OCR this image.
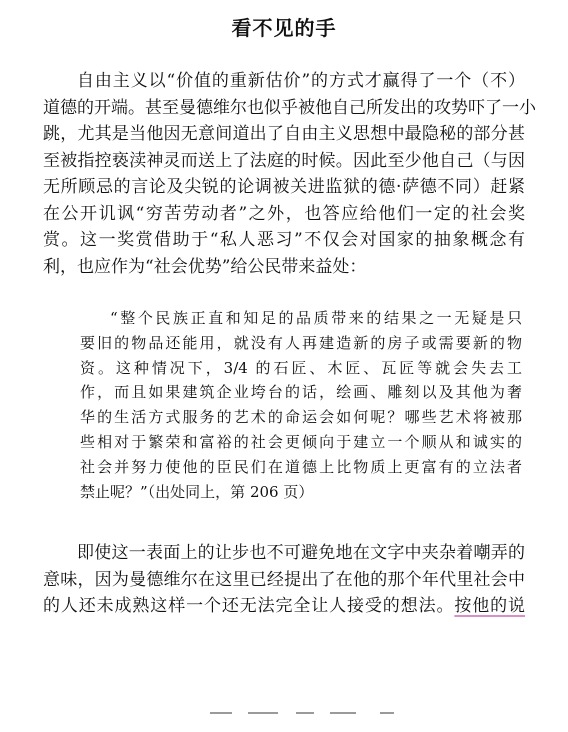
看不见的手
自由主义以“价值的重新估价”的方式才赢得了一个（不）
道德的开端。甚至曼德维尔也似乎被他自己所发出的攻势吓了一小
跳，尤其是当他因无意间道出了自由主义思想中最隐秘的部分甚
至被指控亵渎神灵而送上了法庭的时候。因此至少他自己（与因
无所顾忌的言论及尖锐的论调被关进监狱的德·萨德不同）赶紧
在公开讥讽“穷苦劳动者”之外，也答应给他们一定的社会奖
赏。这一奖赏借助于“私人恶习”不仅会对国家的抽象概念有
利，也应作为“社会优势”给公民带来益处：
“整个民族正直和知足的品质带来的结果之一无疑是只
要旧的物品还能用，就没有人再建造新的房子或需要新的物
资。这种情况下，3/4 的石匠、木匠、瓦匠等就会失去工
作，而且如果建筑企业垮台的话，绘画、雕刻以及其他为奢
华的生活方式服务的艺术的命运会如何呢？哪些艺术将被那
些相对于繁荣和富裕的社会更倾向于建立一个顺从和诚实的
社会并努力使他的臣民们在道德上比物质上更富有的立法者
禁止呢？”（出处同上，第 206 页）
即使这一表面上的让步也不可避免地在文字中夹杂着嘲弄的
意味，因为曼德维尔在这里已经提出了在他的那个年代里社会中
的人还未成熟这样一个还无法完全让人接受的想法。按他的说
